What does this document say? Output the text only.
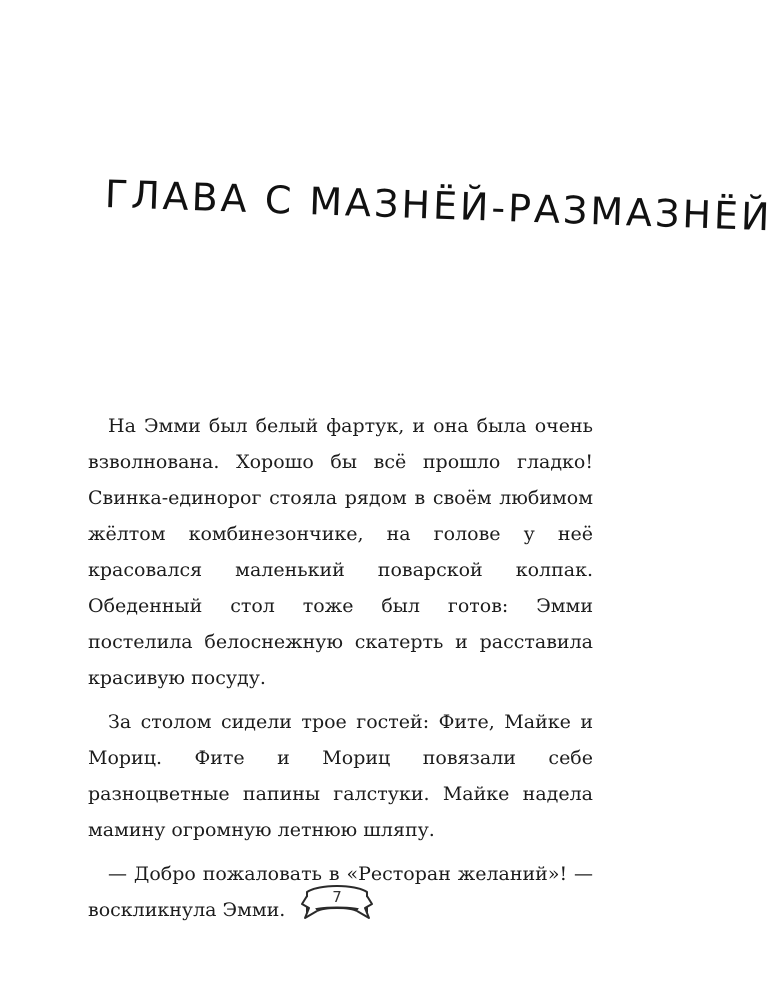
ГЛАВА С МАЗНЁЙ-РАЗМАЗНЁЙ

На Эмми был белый фартук, и она была очень взволнована. Хорошо бы всё прошло гладко! Свинка-единорог стояла рядом в своём любимом жёлтом комбинезончике, на голове у неё красовался маленький поварской колпак. Обеденный стол тоже был готов: Эмми постелила белоснежную скатерть и расставила красивую посуду.

За столом сидели трое гостей: Фите, Майке и Мориц. Фите и Мориц повязали себе разноцветные папины галстуки. Майке надела мамину огромную летнюю шляпу.

— Добро пожаловать в «Ресторан желаний»! — воскликнула Эмми.

7
